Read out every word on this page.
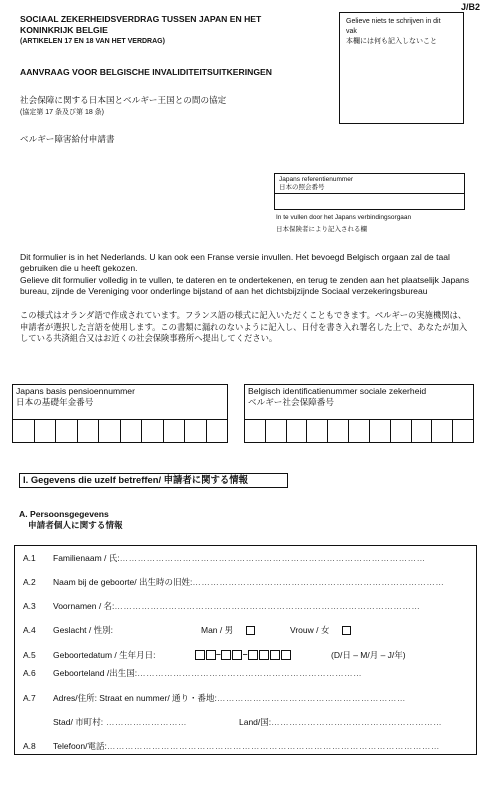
J/B2
SOCIAAL ZEKERHEIDSVERDRAG TUSSEN JAPAN EN HET
KONINKRIJK BELGIE
(ARTIKELEN 17 EN 18 VAN HET VERDRAG)
AANVRAAG VOOR BELGISCHE INVALIDITEITSUITKERINGEN
社会保障に関する日本国とベルギー王国との間の協定
(協定第 17 条及び第 18 条)
ベルギー障害給付申請書
Gelieve niets te schrijven in dit
vak
本欄には何も記入しないこと
Japans referentienummer
日本の照会番号
In te vullen door het Japans verbindingsorgaan
日本保険者により記入される欄
Dit formulier is in het Nederlands. U kan ook een Franse versie invullen. Het bevoegd Belgisch orgaan zal de taal gebruiken die u heeft gekozen.
Gelieve dit formulier volledig in te vullen, te dateren en te ondertekenen, en terug te zenden aan het plaatselijk Japans bureau, zijnde de Vereniging voor onderlinge bijstand of aan het dichtsbijzijnde Sociaal verzekeringsbureau
この様式はオランダ語で作成されています。フランス語の様式に記入いただくこともできます。ベルギーの実施機関は、申請者が選択した言語を使用します。この書類に漏れのないように記入し、日付を書き入れ署名した上で、あなたが加入している共済組合又はお近くの社会保険事務所へ提出してください。
Japans basis pensioennummer
日本の基礎年金番号
Belgisch identificatienummer sociale zekerheid
ベルギー社会保障番号
I. Gegevens die uzelf betreffen/ 申請者に関する情報
A. Persoonsgegevens
申請者個人に関する情報
A.1 Familienaam / 氏:…………………………………………………………………………………………
A.2 Naam bij de geboorte/ 出生時の旧姓:…………………………………………………………………………
A.3 Voornamen / 名:…………………………………………………………………………………………
A.4 Geslacht / 性別:	Man / 男	Vrouw / 女
A.5 Geboortedatum / 生年月日:	–	–	(D/日 – M/月 – J/年)
A.6 Geboorteland /出生国:…………………………………………………………………
A.7 Adres/住所: Straat en nummer/ 通り・番地:………………………………………………………
Stad/ 市町村: ………………………	Land/国:…………………………………………………
A.8 Telefoon/電話:…………………………………………………………………………………………………
